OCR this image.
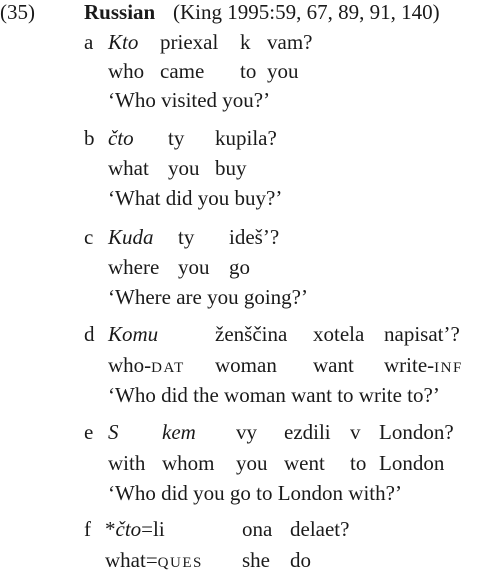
(35) Russian (King 1995:59, 67, 89, 91, 140)
a Kto priexal k vam?
who came to you
‘Who visited you?’
b čto ty kupila?
what you buy
‘What did you buy?’
c Kuda ty ideš’?
where you go
‘Where are you going?’
d Komu	ženščina xotela napisat’?
who-DAT woman want write-INF
‘Who did the woman want to write to?’
e S kem vy ezdili v London?
with whom you went to London
‘Who did you go to London with?’
f *čto=li	ona delaet?
what=QUES she do
